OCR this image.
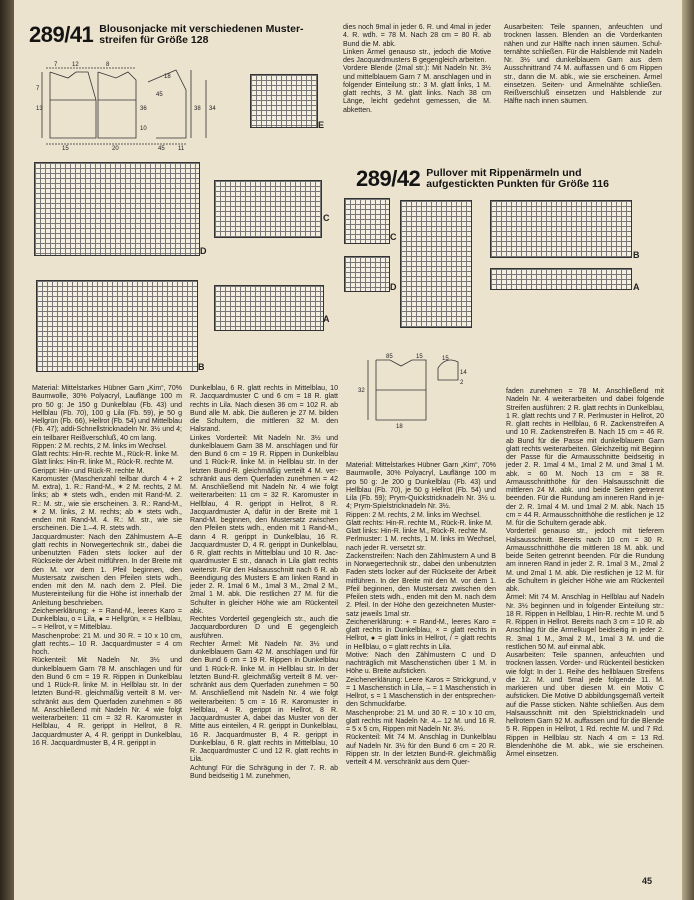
289/41 Blousonjacke mit verschiedenen Musterstreifen für Größe 128
7 12	8
18
45
13
15	20	45 11
38 34
36
10
7
E
D
C
B
A

dies noch 9mal in jeder 6. R. und 4mal in jeder 4. R. wdh. = 78 M. Nach 28 cm = 80 R. ab Bund die M. abk.

Linken Ärmel genauso str., jedoch die Motive des Jacquardmusters B gegengleich arbeiten.

Vordere Blende (2mal str.): Mit Nadeln Nr. 3½ und mittelblauem Garn 7 M. anschlagen und in folgender Einteilung str.: 3 M. glatt links, 1 M. glatt rechts, 3 M. glatt links. Nach 38 cm Länge, leicht gedehnt gemessen, die M. abketten.

Ausarbeiten: Teile spannen, anfeuchten und trocknen lassen. Blenden an die Vorderkanten nähen und zur Hälfte nach innen säumen. Schulternähte schließen. Für die Halsblende mit Nadeln Nr. 3½ und dunkelblauem Garn aus dem Ausschnittrand 74 M. auffassen und 6 cm Rippen str., dann die M. abk., wie sie erscheinen. Ärmel einsetzen. Seiten- und Ärmelnähte schließen. Reißverschluß einsetzen und Halsblende zur Hälfte nach innen säumen.

289/42 Pullover mit Rippenärmeln und aufgestickten Punkten für Größe 116
C
D
B
A
85	15
32
15
14
2
18

Material: Mittelstarkes Hübner Garn „Kim“, 70% Baumwolle, 30% Polyacryl, Lauflänge 100 m pro 50 g: Je 150 g Dunkelblau (Fb. 43) und Hellblau (Fb. 70), 100 g Lila (Fb. 59), je 50 g Hellgrün (Fb. 66), Hellrot (Fb. 54) und Mittelblau (Fb. 47); addi-Schnellstricknadeln Nr. 3½ und 4; ein teilbarer Reißverschluß, 40 cm lang.

Rippen: 2 M. rechts, 2 M. links im Wechsel.

Glatt rechts: Hin-R. rechte M., Rück-R. linke M.

Glatt links: Hin-R. linke M., Rück-R. rechte M.

Gerippt: Hin- und Rück-R. rechte M.

Karomuster (Maschenzahl teilbar durch 4 + 2 M. extra), 1. R.: Rand-M., ✶ 2 M. rechts, 2 M. links; ab ✶ stets wdh., enden mit Rand-M. 2. R.: M. str., wie sie erscheinen. 3. R.: Rand-M., ✶ 2 M. links, 2 M. rechts; ab ✶ stets wdh., enden mit Rand-M. 4. R.: M. str., wie sie erscheinen. Die 1.–4. R. stets wdh.

Jacquardmuster: Nach den Zählmustern A–E glatt rechts in Norwegertechnik str., dabei die unbenutzten Fäden stets locker auf der Rückseite der Arbeit mitführen. In der Breite mit den M. vor dem 1. Pfeil beginnen, den Mustersatz zwischen den Pfeilen stets wdh., enden mit den M. nach dem 2. Pfeil. Die Mustereinteilung für die Höhe ist innerhalb der Anleitung beschrieben.

Zeichenerklärung: + = Rand-M., leeres Karo = Dunkelblau, o = Lila, ● = Hellgrün, × = Hellblau, – = Hellrot, v = Mittelblau.

Maschenprobe: 21 M. und 30 R. = 10 x 10 cm, glatt rechts.– 10 R. Jacquardmuster = 4 cm hoch.

Rückenteil: Mit Nadeln Nr. 3½ und dunkelblauem Garn 78 M. anschlagen und für den Bund 6 cm = 19 R. Rippen in Dunkelblau und 1 Rück-R. linke M. in Hellblau str. In der letzten Bund-R. gleichmäßig verteilt 8 M. verschränkt aus dem Querfaden zunehmen = 86 M. Anschließend mit Nadeln Nr. 4 wie folgt weiterarbeiten: 11 cm = 32 R. Karomuster in Hellblau, 4 R. gerippt in Hellrot, 8 R. Jacquardmuster A, 4 R. gerippt in Dunkelblau, 16 R. Jacquardmuster B, 4 R. gerippt in

Dunkelblau, 6 R. glatt rechts in Mittelblau, 10 R. Jacquardmuster C und 6 cm = 18 R. glatt rechts in Lila. Nach diesen 36 cm = 102 R. ab Bund alle M. abk. Die äußeren je 27 M. bilden die Schultern, die mittleren 32 M. den Halsrand.

Linkes Vorderteil: Mit Nadeln Nr. 3½ und dunkelblauem Garn 38 M. anschlagen und für den Bund 6 cm = 19 R. Rippen in Dunkelblau und 1 Rück-R. linke M. in Hellblau str. In der letzten Bund-R. gleichmäßig verteilt 4 M. verschränkt aus dem Querfaden zunehmen = 42 M. Anschließend mit Nadeln Nr. 4 wie folgt weiterarbeiten: 11 cm = 32 R. Karomuster in Hellblau, 4 R. gerippt in Hellrot, 8 R. Jacquardmuster A, dafür in der Breite mit 1 Rand-M. beginnen, den Mustersatz zwischen den Pfeilen stets wdh., enden mit 1 Rand-M., dann 4 R. gerippt in Dunkelblau, 16 R. Jacquardmuster D, 4 R. gerippt in Dunkelblau, 6 R. glatt rechts in Mittelblau und 10 R. Jacquardmuster E str., danach in Lila glatt rechts weiterstr. Für den Halsausschnitt nach 6 R. ab Beendigung des Musters E am linken Rand in jeder 2. R. 1mal 6 M., 1mal 3 M., 2mal 2 M., 2mal 1 M. abk. Die restlichen 27 M. für die Schulter in gleicher Höhe wie am Rückenteil abk.

Rechtes Vorderteil gegengleich str., auch die Jacquardborduren D und E gegengleich ausführen.

Rechter Ärmel: Mit Nadeln Nr. 3½ und dunkelblauem Garn 42 M. anschlagen und für den Bund 6 cm = 19 R. Rippen in Dunkelblau und 1 Rück-R. linke M. in Hellblau str. In der letzten Bund-R. gleichmäßig verteilt 8 M. verschränkt aus dem Querfaden zunehmen = 50 M. Anschließend mit Nadeln Nr. 4 wie folgt weiterarbeiten: 5 cm = 16 R. Karomuster in Hellblau, 4 R. gerippt in Hellrot, 8 R. Jacquardmuster A, dabei das Muster von der Mitte aus einteilen, 4 R. gerippt in Dunkelblau, 16 R. Jacquardmuster B, 4 R. gerippt in Dunkelblau, 6 R. glatt rechts in Mittelblau, 10 R. Jacquardmuster C und 12 R. glatt rechts in Lila.

Achtung! Für die Schrägung in der 7. R. ab Bund beidseitig 1 M. zunehmen,

Material: Mittelstarkes Hübner Garn „Kim“, 70% Baumwolle, 30% Polyacryl, Lauflänge 100 m pro 50 g: Je 200 g Dunkelblau (Fb. 43) und Hellblau (Fb. 70), je 50 g Hellrot (Fb. 54) und Lila (Fb. 59); Prym-Quickstricknadeln Nr. 3½ u. 4; Prym-Spielstricknadeln Nr. 3½.

Rippen: 2 M. rechts, 2 M. links im Wechsel.

Glatt rechts: Hin-R. rechte M., Rück-R. linke M.

Glatt links: Hin-R. linke M., Rück-R. rechte M.

Perlmuster: 1 M. rechts, 1 M. links im Wechsel, nach jeder R. versetzt str.

Zackenstreifen: Nach den Zählmustern A und B in Norwegertechnik str., dabei den unbenutzten Faden stets locker auf der Rückseite der Arbeit mitführen. In der Breite mit den M. vor dem 1. Pfeil beginnen, den Mustersatz zwischen den Pfeilen stets wdh., enden mit den M. nach dem 2. Pfeil. In der Höhe den gezeichneten Mustersatz jeweils 1mal str.

Zeichenerklärung: + = Rand-M., leeres Karo = glatt rechts in Dunkelblau, × = glatt rechts in Hellrot, ● = glatt links in Hellrot, / = glatt rechts in Hellblau, o = glatt rechts in Lila.

Motive: Nach den Zählmustern C und D nachträglich mit Maschenstichen über 1 M. in Höhe u. Breite aufsticken.

Zeichenerklärung: Leere Karos = Strickgrund, v = 1 Maschenstich in Lila, – = 1 Maschenstich in Hellrot, s = 1 Maschenstich in der entsprechenden Schmuckfarbe.

Maschenprobe: 21 M. und 30 R. = 10 x 10 cm, glatt rechts mit Nadeln Nr. 4.– 12 M. und 16 R. = 5 x 5 cm, Rippen mit Nadeln Nr. 3½.

Rückenteil: Mit 74 M. Anschlag in Dunkelblau auf Nadeln Nr. 3½ für den Bund 6 cm = 20 R. Rippen str. In der letzten Bund-R. gleichmäßig verteilt 4 M. verschränkt aus dem Quer-

faden zunehmen = 78 M. Anschließend mit Nadeln Nr. 4 weiterarbeiten und dabei folgende Streifen ausführen: 2 R. glatt rechts in Dunkelblau, 1 R. glatt rechts und 7 R. Perlmuster in Hellrot, 20 R. glatt rechts in Hellblau, 6 R. Zackenstreifen A und 10 R. Zackenstreifen B. Nach 15 cm = 46 R. ab Bund für die Passe mit dunkelblauem Garn glatt rechts weiterarbeiten. Gleichzeitig mit Beginn der Passe für die Armausschnitte beidseitig in jeder 2. R. 1mal 4 M., 1mal 2 M. und 3mal 1 M. abk. = 60 M. Noch 13 cm = 38 R. Armausschnitthöhe für den Halsausschnitt die mittleren 24 M. abk. und beide Seiten getrennt beenden. Für die Rundung am inneren Rand in jeder 2. R. 1mal 4 M. und 1mal 2 M. abk. Nach 15 cm = 44 R. Armausschnitthöhe die restlichen je 12 M. für die Schultern gerade abk.

Vorderteil genauso str., jedoch mit tieferem Halsausschnitt. Bereits nach 10 cm = 30 R. Armausschnitthöhe die mittleren 18 M. abk. und beide Seiten getrennt beenden. Für die Rundung am inneren Rand in jeder 2. R. 1mal 3 M., 2mal 2 M. und 2mal 1 M. abk. Die restlichen je 12 M. für die Schultern in gleicher Höhe wie am Rückenteil abk.

Ärmel: Mit 74 M. Anschlag in Hellblau auf Nadeln Nr. 3½ beginnen und in folgender Einteilung str.: 18 R. Rippen in Hellblau, 1 Hin-R. rechte M. und 5 R. Rippen in Hellrot. Bereits nach 3 cm = 10 R. ab Anschlag für die Armelkugel beidseitig in jeder 2. R. 3mal 1 M., 3mal 2 M., 1mal 3 M. und die restlichen 50 M. auf einmal abk.

Ausarbeiten: Teile spannen, anfeuchten und trocknen lassen. Vorder- und Rückenteil besticken wie folgt: In der 1. Reihe des hellblauen Streifens die 12. M. und 5mal jede folgende 11. M. markieren und über diesen M. ein Motiv C aufsticken. Die Motive D abbildungsgemäß verteilt auf die Passe sticken. Nähte schließen. Aus dem Halsausschnitt mit den Spielstricknadeln und hellrotem Garn 92 M. auffassen und für die Blende 5 R. Rippen in Hellrot, 1 Rd. rechte M. und 7 Rd. Rippen in Hellblau str. Nach 4 cm = 13 Rd. Blendenhöhe die M. abk., wie sie erscheinen. Ärmel einsetzen.

45
